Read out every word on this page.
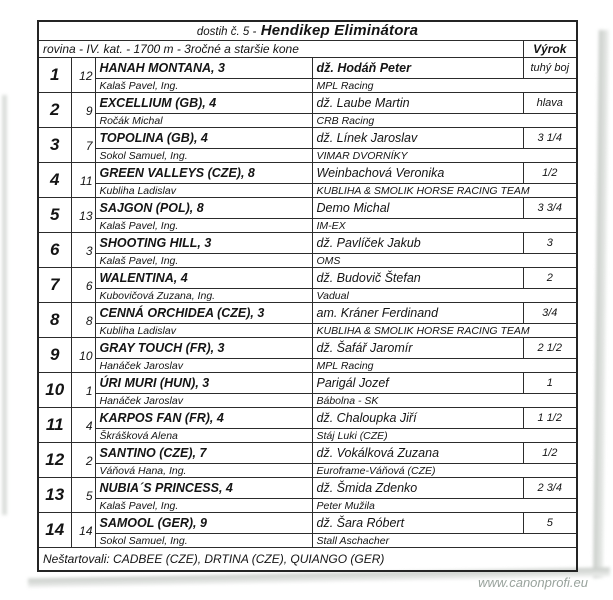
dostih č. 5 - Hendikep Eliminátora				
rovina - IV. kat. - 1700 m - 3ročné a staršie kone				Výrok
1	12	HANAH MONTANA, 3	dž. Hodáň Peter	tuhý boj
		Kalaš Pavel, Ing.	MPL Racing	
2	9	EXCELLIUM (GB), 4	dž. Laube Martin	hlava
		Ročák Michal	CRB Racing	
3	7	TOPOLINA (GB), 4	dž. Línek Jaroslav	3 1/4
		Sokol Samuel, Ing.	VIMAR DVORNÍKY	
4	11	GREEN VALLEYS (CZE), 8	Weinbachová Veronika	1/2
		Kubliha Ladislav	KUBLIHA & SMOLIK HORSE RACING TEAM	
5	13	SAJGON (POL), 8	Demo Michal	3 3/4
		Kalaš Pavel, Ing.	IM-EX	
6	3	SHOOTING HILL, 3	dž. Pavlíček Jakub	3
		Kalaš Pavel, Ing.	OMS	
7	6	WALENTINA, 4	dž. Budovič Štefan	2
		Kubovičová Zuzana, Ing.	Vadual	
8	8	CENNÁ ORCHIDEA (CZE), 3	am. Kráner Ferdinand	3/4
		Kubliha Ladislav	KUBLIHA & SMOLIK HORSE RACING TEAM	
9	10	GRAY TOUCH (FR), 3	dž. Šafář Jaromír	2 1/2
		Hanáček Jaroslav	MPL Racing	
10	1	ÚRI MURI (HUN), 3	Parigál Jozef	1
		Hanáček Jaroslav	Bábolna - SK	
11	4	KARPOS FAN (FR), 4	dž. Chaloupka Jiří	1 1/2
		Škrášková Alena	Stáj Luki (CZE)	
12	2	SANTINO (CZE), 7	dž. Vokálková Zuzana	1/2
		Váňová Hana, Ing.	Euroframe-Váňová (CZE)	
13	5	NUBIA´S PRINCESS, 4	dž. Šmida Zdenko	2 3/4
		Kalaš Pavel, Ing.	Peter Mužila	
14	14	SAMOOL (GER), 9	dž. Šara Róbert	5
		Sokol Samuel, Ing.	Stall Aschacher	
Neštartovali: CADBEE (CZE), DRTINA (CZE), QUIANGO (GER)				
www.canonprofi.eu
